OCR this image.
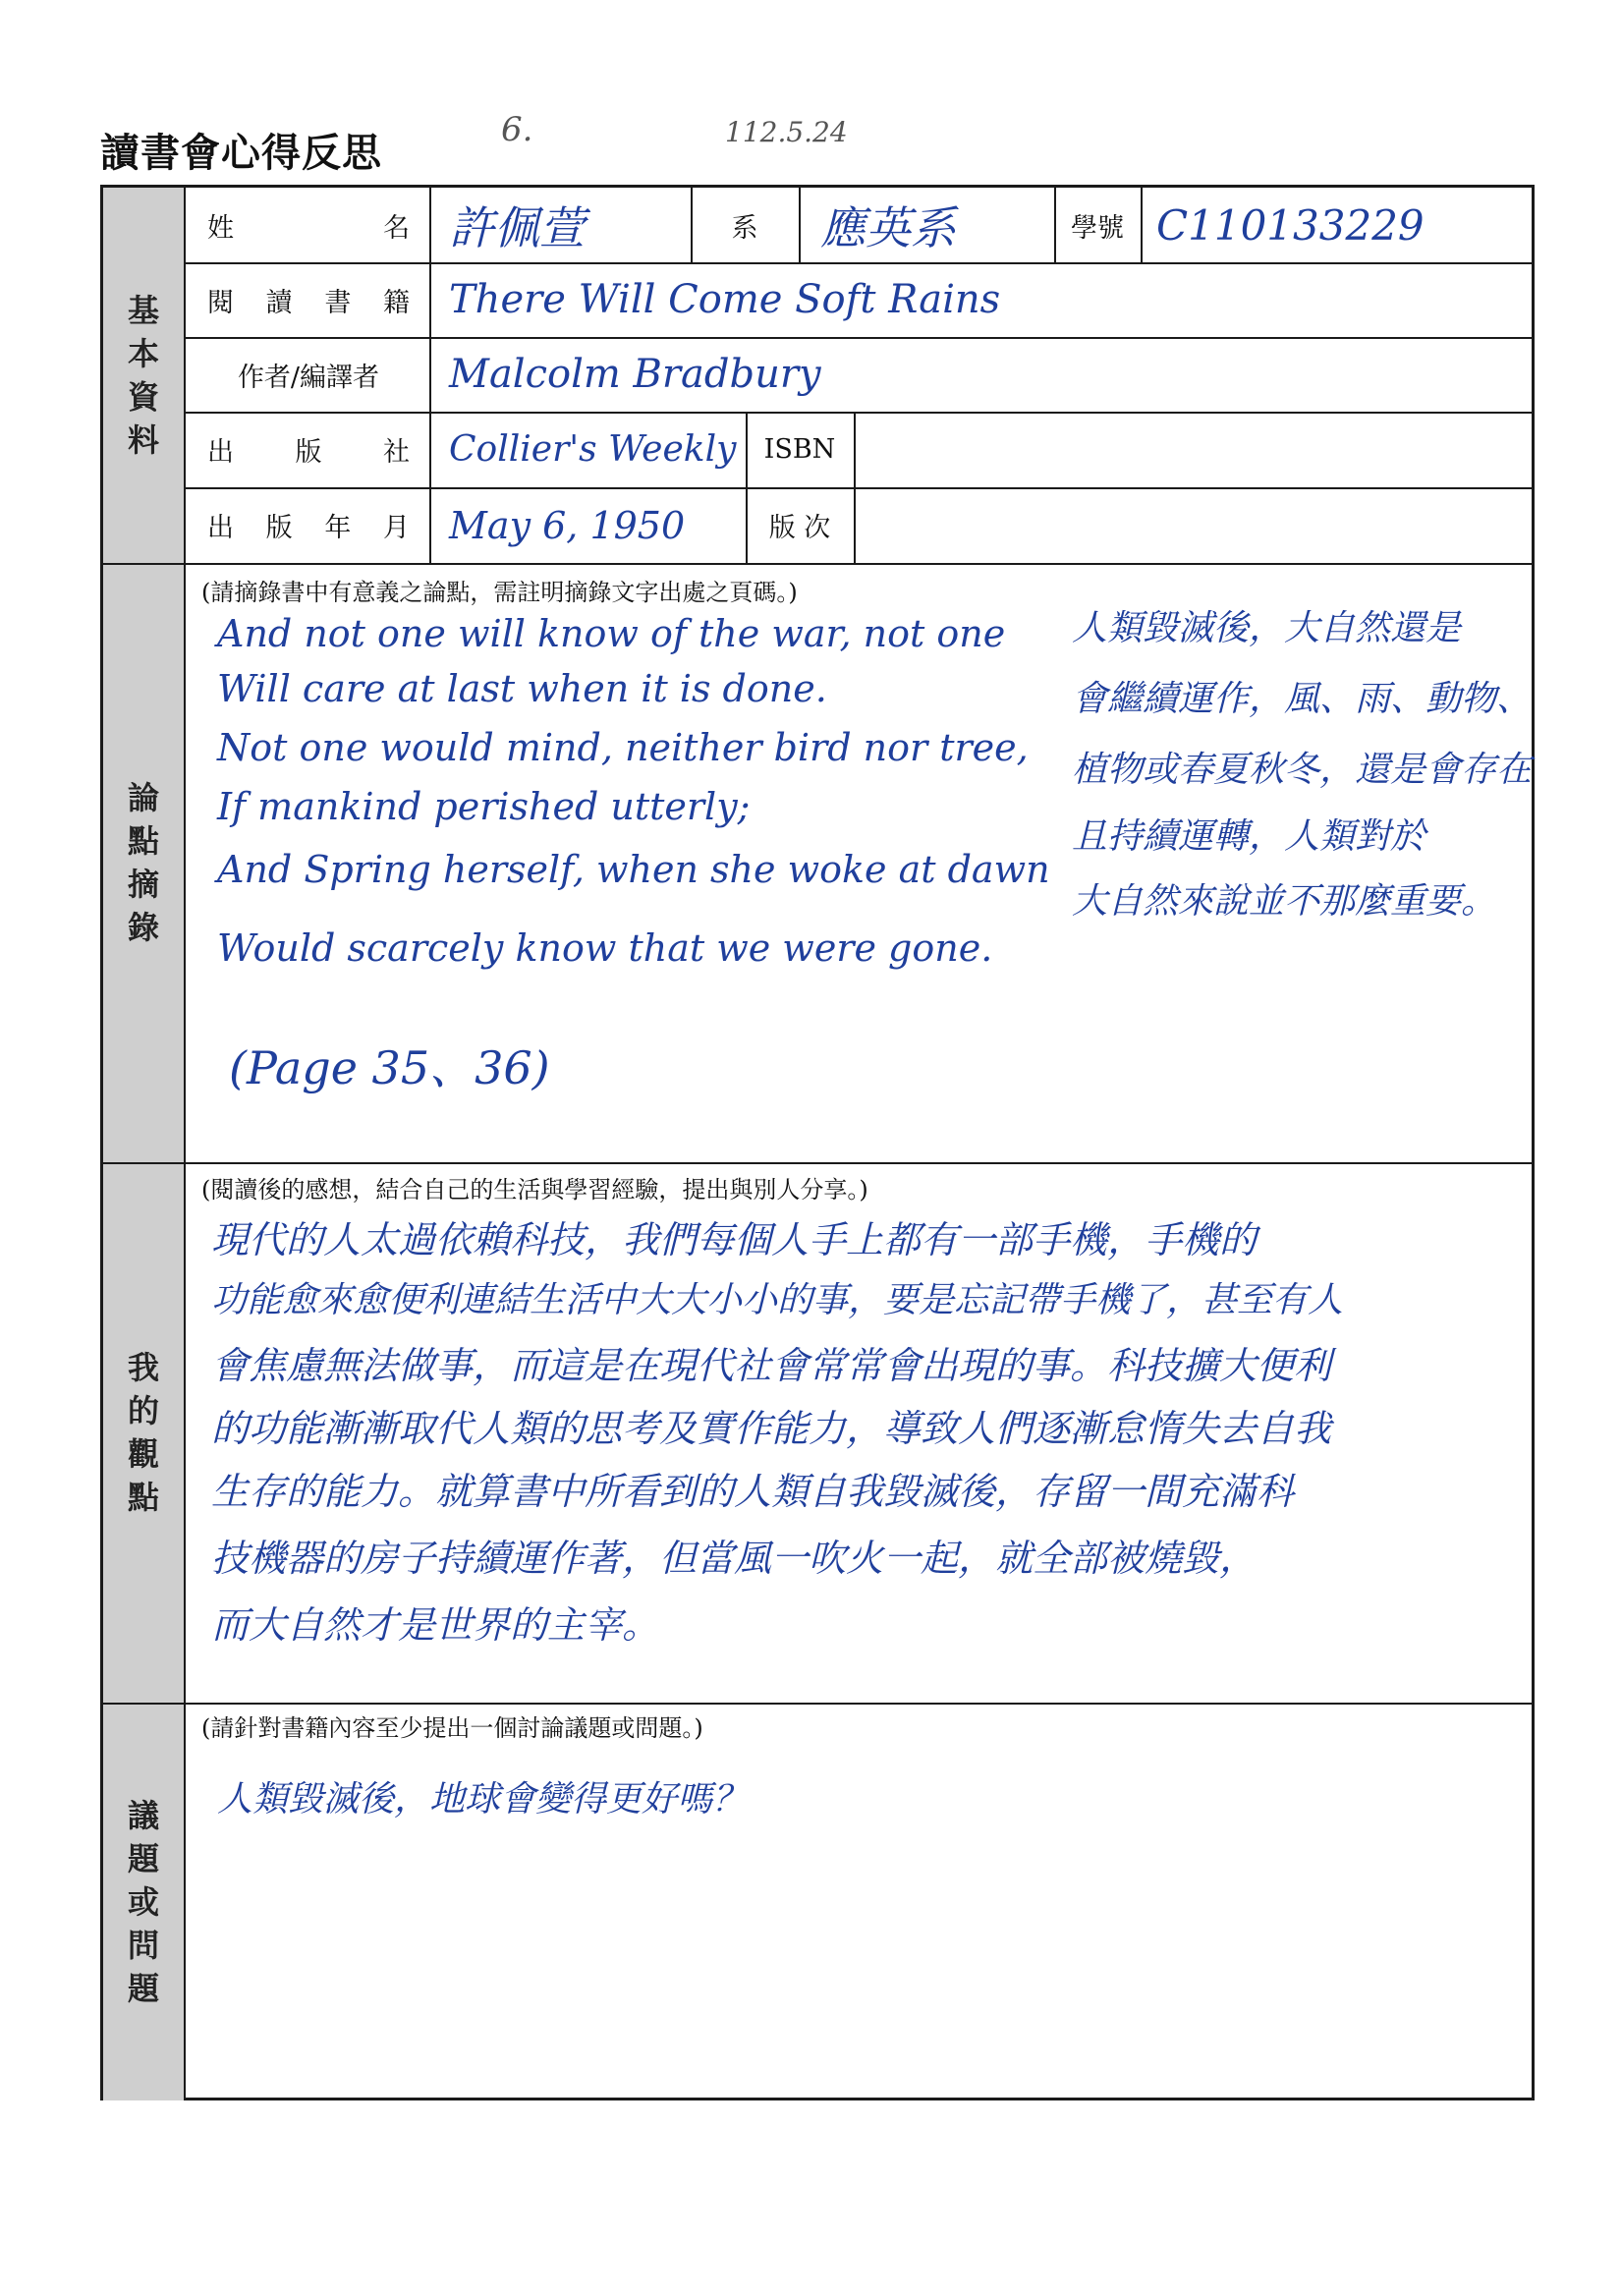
讀書會心得反思
6.	112.5.24
基
本
資
料
論
點
摘
錄
我
的
觀
點
議
題
或
問
題
姓	名 許佩萱	系	應英系	學號 C110133229
閱 讀 書 籍 There Will Come Soft Rains
作者/編譯者 Malcolm Bradbury
出 版 社 Collier's Weekly	ISBN
出 版 年 月 May 6, 1950	版 次
(請摘錄書中有意義之論點，需註明摘錄文字出處之頁碼。)
And not one will know of the war, not one
Will care at last when it is done.
Not one would mind, neither bird nor tree,
If mankind perished utterly;
And Spring herself, when she woke at dawn
Would scarcely know that we were gone.
(Page 35、36)
人類毀滅後，大自然還是
會繼續運作，風、雨、動物、
植物或春夏秋冬，還是會存在
且持續運轉，人類對於
大自然來說並不那麼重要。
(閱讀後的感想，結合自己的生活與學習經驗，提出與別人分享。)
現代的人太過依賴科技，我們每個人手上都有一部手機，手機的
功能愈來愈便利連結生活中大大小小的事，要是忘記帶手機了，甚至有人
會焦慮無法做事，而這是在現代社會常常會出現的事。科技擴大便利
的功能漸漸取代人類的思考及實作能力，導致人們逐漸怠惰失去自我
生存的能力。就算書中所看到的人類自我毀滅後，存留一間充滿科
技機器的房子持續運作著，但當風一吹火一起，就全部被燒毀，
而大自然才是世界的主宰。
(請針對書籍內容至少提出一個討論議題或問題。)
人類毀滅後，地球會變得更好嗎？
